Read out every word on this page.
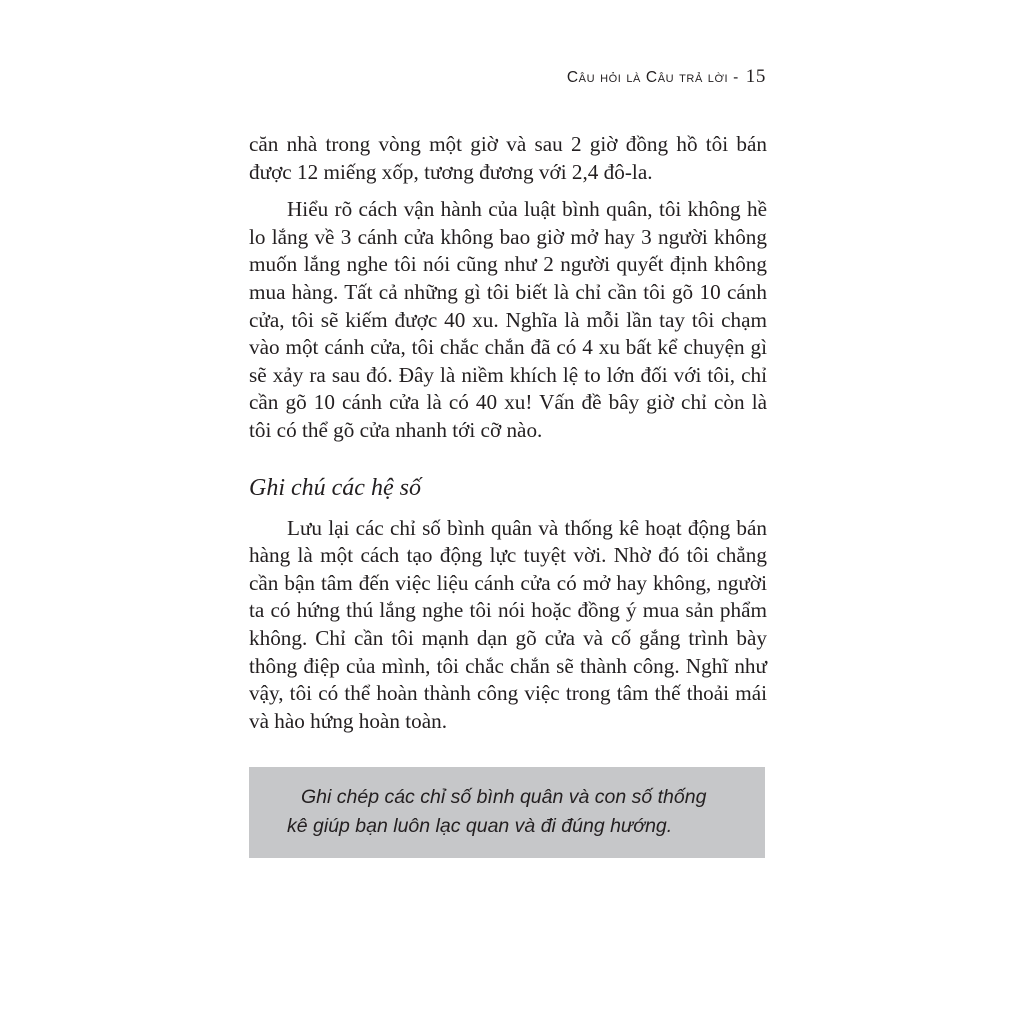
Câu hỏi là Câu trả lời - 15

căn nhà trong vòng một giờ và sau 2 giờ đồng hồ tôi bán được 12 miếng xốp, tương đương với 2,4 đô-la.

Hiểu rõ cách vận hành của luật bình quân, tôi không hề lo lắng về 3 cánh cửa không bao giờ mở hay 3 người không muốn lắng nghe tôi nói cũng như 2 người quyết định không mua hàng. Tất cả những gì tôi biết là chỉ cần tôi gõ 10 cánh cửa, tôi sẽ kiếm được 40 xu. Nghĩa là mỗi lần tay tôi chạm vào một cánh cửa, tôi chắc chắn đã có 4 xu bất kể chuyện gì sẽ xảy ra sau đó. Đây là niềm khích lệ to lớn đối với tôi, chỉ cần gõ 10 cánh cửa là có 40 xu! Vấn đề bây giờ chỉ còn là tôi có thể gõ cửa nhanh tới cỡ nào.

Ghi chú các hệ số

Lưu lại các chỉ số bình quân và thống kê hoạt động bán hàng là một cách tạo động lực tuyệt vời. Nhờ đó tôi chẳng cần bận tâm đến việc liệu cánh cửa có mở hay không, người ta có hứng thú lắng nghe tôi nói hoặc đồng ý mua sản phẩm không. Chỉ cần tôi mạnh dạn gõ cửa và cố gắng trình bày thông điệp của mình, tôi chắc chắn sẽ thành công. Nghĩ như vậy, tôi có thể hoàn thành công việc trong tâm thế thoải mái và hào hứng hoàn toàn.

Ghi chép các chỉ số bình quân và con số thống
kê giúp bạn luôn lạc quan và đi đúng hướng.
